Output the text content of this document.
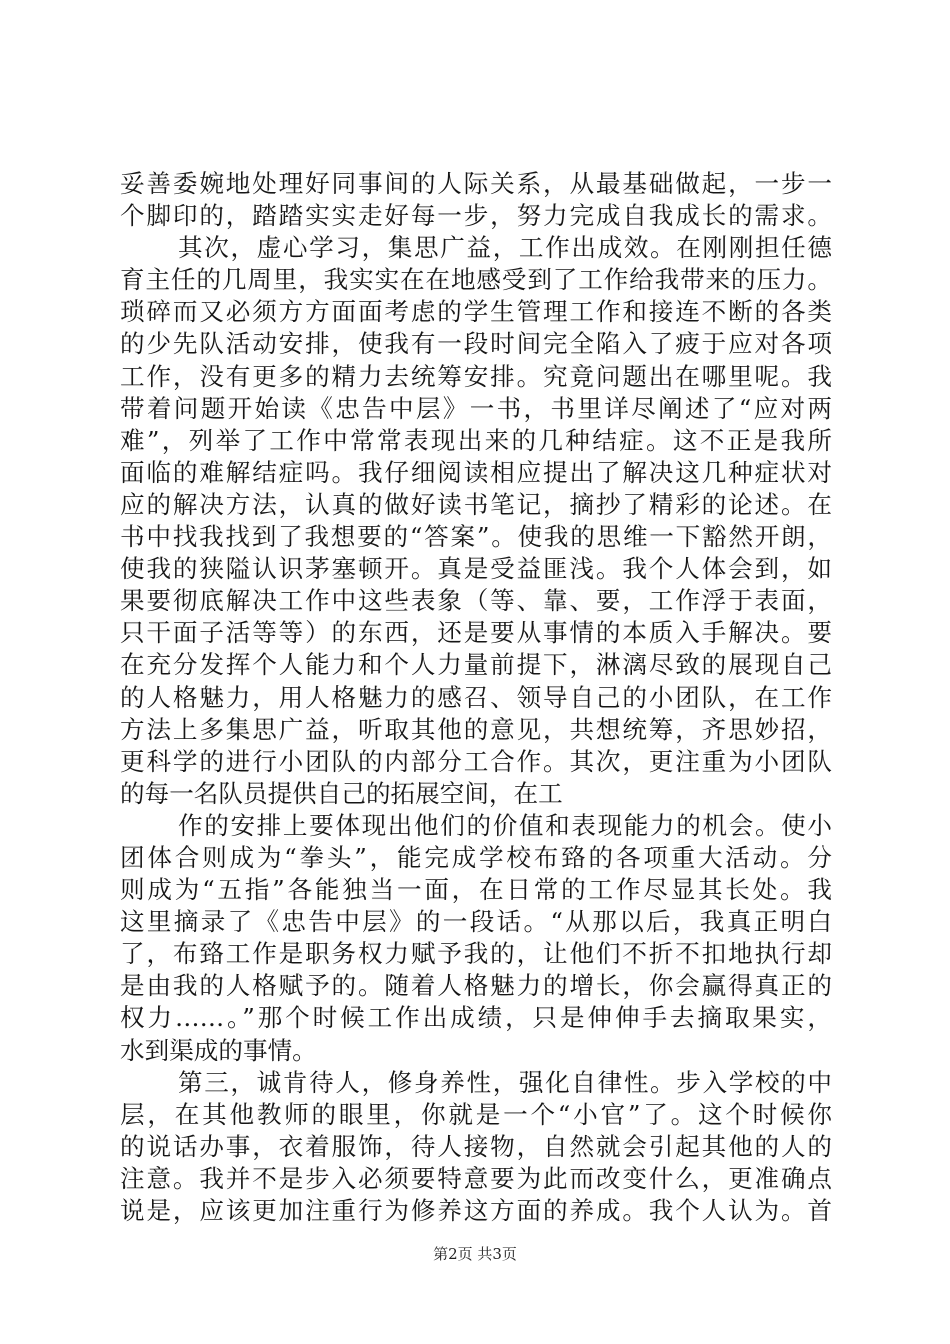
妥善委婉地处理好同事间的人际关系，从最基础做起，一步一
个脚印的，踏踏实实走好每一步，努力完成自我成长的需求。
其次，虚心学习，集思广益，工作出成效。在刚刚担任德
育主任的几周里，我实实在在地感受到了工作给我带来的压力。
琐碎而又必须方方面面考虑的学生管理工作和接连不断的各类
的少先队活动安排，使我有一段时间完全陷入了疲于应对各项
工作，没有更多的精力去统筹安排。究竟问题出在哪里呢。我
带着问题开始读《忠告中层》一书，书里详尽阐述了“应对两
难”，列举了工作中常常表现出来的几种结症。这不正是我所
面临的难解结症吗。我仔细阅读相应提出了解决这几种症状对
应的解决方法，认真的做好读书笔记，摘抄了精彩的论述。在
书中找我找到了我想要的“答案”。使我的思维一下豁然开朗，
使我的狭隘认识茅塞顿开。真是受益匪浅。我个人体会到，如
果要彻底解决工作中这些表象（等、靠、要，工作浮于表面，
只干面子活等等）的东西，还是要从事情的本质入手解决。要
在充分发挥个人能力和个人力量前提下，淋漓尽致的展现自己
的人格魅力，用人格魅力的感召、领导自己的小团队，在工作
方法上多集思广益，听取其他的意见，共想统筹，齐思妙招，
更科学的进行小团队的内部分工合作。其次，更注重为小团队
的每一名队员提供自己的拓展空间，在工
作的安排上要体现出他们的价值和表现能力的机会。使小
团体合则成为“拳头”，能完成学校布臵的各项重大活动。分
则成为“五指”各能独当一面，在日常的工作尽显其长处。我
这里摘录了《忠告中层》的一段话。“从那以后，我真正明白
了，布臵工作是职务权力赋予我的，让他们不折不扣地执行却
是由我的人格赋予的。随着人格魅力的增长，你会赢得真正的
权力……。”那个时候工作出成绩，只是伸伸手去摘取果实，
水到渠成的事情。
第三，诚肯待人，修身养性，强化自律性。步入学校的中
层，在其他教师的眼里，你就是一个“小官”了。这个时候你
的说话办事，衣着服饰，待人接物，自然就会引起其他的人的
注意。我并不是步入必须要特意要为此而改变什么，更准确点
说是，应该更加注重行为修养这方面的养成。我个人认为。首
第2页 共3页
